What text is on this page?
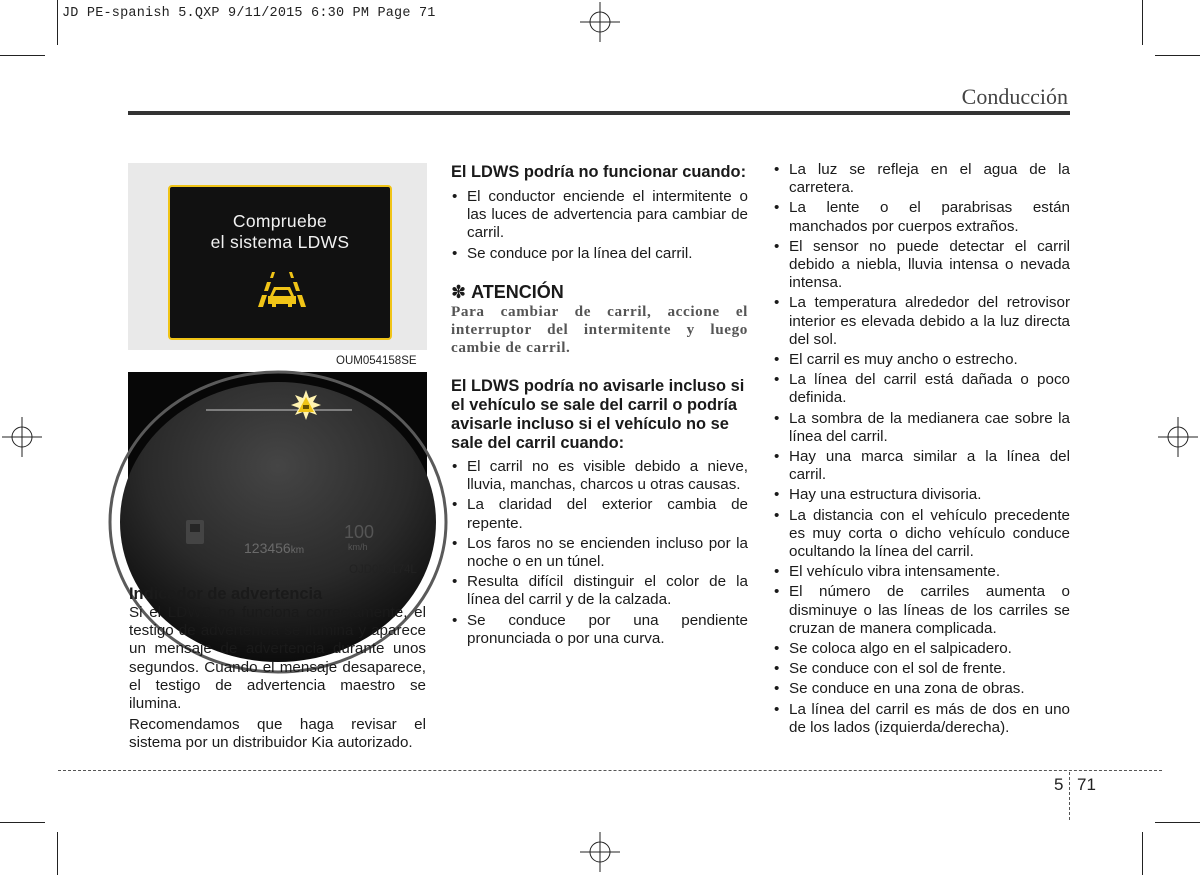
JD PE-spanish 5.QXP 9/11/2015 6:30 PM Page 71
Conducción
Compruebe
el sistema LDWS
OUM054158SE
123456km
100
km/h
OJD055174L
Indicador de advertencia

Si el LDWS no funciona correctamente, el testigo de advertencia se ilumina y aparece un mensaje de advertencia durante unos segundos. Cuando el mensaje desaparece, el testigo de advertencia maestro se ilumina.

Recomendamos que haga revisar el sistema por un distribuidor Kia autorizado.

El LDWS podría no funcionar cuando:
• El conductor enciende el intermitente o las luces de advertencia para cambiar de carril.
• Se conduce por la línea del carril.
✽ ATENCIÓN
Para cambiar de carril, accione el interruptor del intermitente y luego cambie de carril.
El LDWS podría no avisarle incluso si el vehículo se sale del carril o podría avisarle incluso si el vehículo no se sale del carril cuando:
• El carril no es visible debido a nieve, lluvia, manchas, charcos u otras causas.
• La claridad del exterior cambia de repente.
• Los faros no se encienden incluso por la noche o en un túnel.
• Resulta difícil distinguir el color de la línea del carril y de la calzada.
• Se conduce por una pendiente pronunciada o por una curva.
• La luz se refleja en el agua de la carretera.
• La lente o el parabrisas están manchados por cuerpos extraños.
• El sensor no puede detectar el carril debido a niebla, lluvia intensa o nevada intensa.
• La temperatura alrededor del retrovisor interior es elevada debido a la luz directa del sol.
• El carril es muy ancho o estrecho.
• La línea del carril está dañada o poco definida.
• La sombra de la medianera cae sobre la línea del carril.
• Hay una marca similar a la línea del carril.
• Hay una estructura divisoria.
• La distancia con el vehículo precedente es muy corta o dicho vehículo conduce ocultando la línea del carril.
• El vehículo vibra intensamente.
• El número de carriles aumenta o disminuye o las líneas de los carriles se cruzan de manera complicada.
• Se coloca algo en el salpicadero.
• Se conduce con el sol de frente.
• Se conduce en una zona de obras.
• La línea del carril es más de dos en uno de los lados (izquierda/derecha).
5 71
